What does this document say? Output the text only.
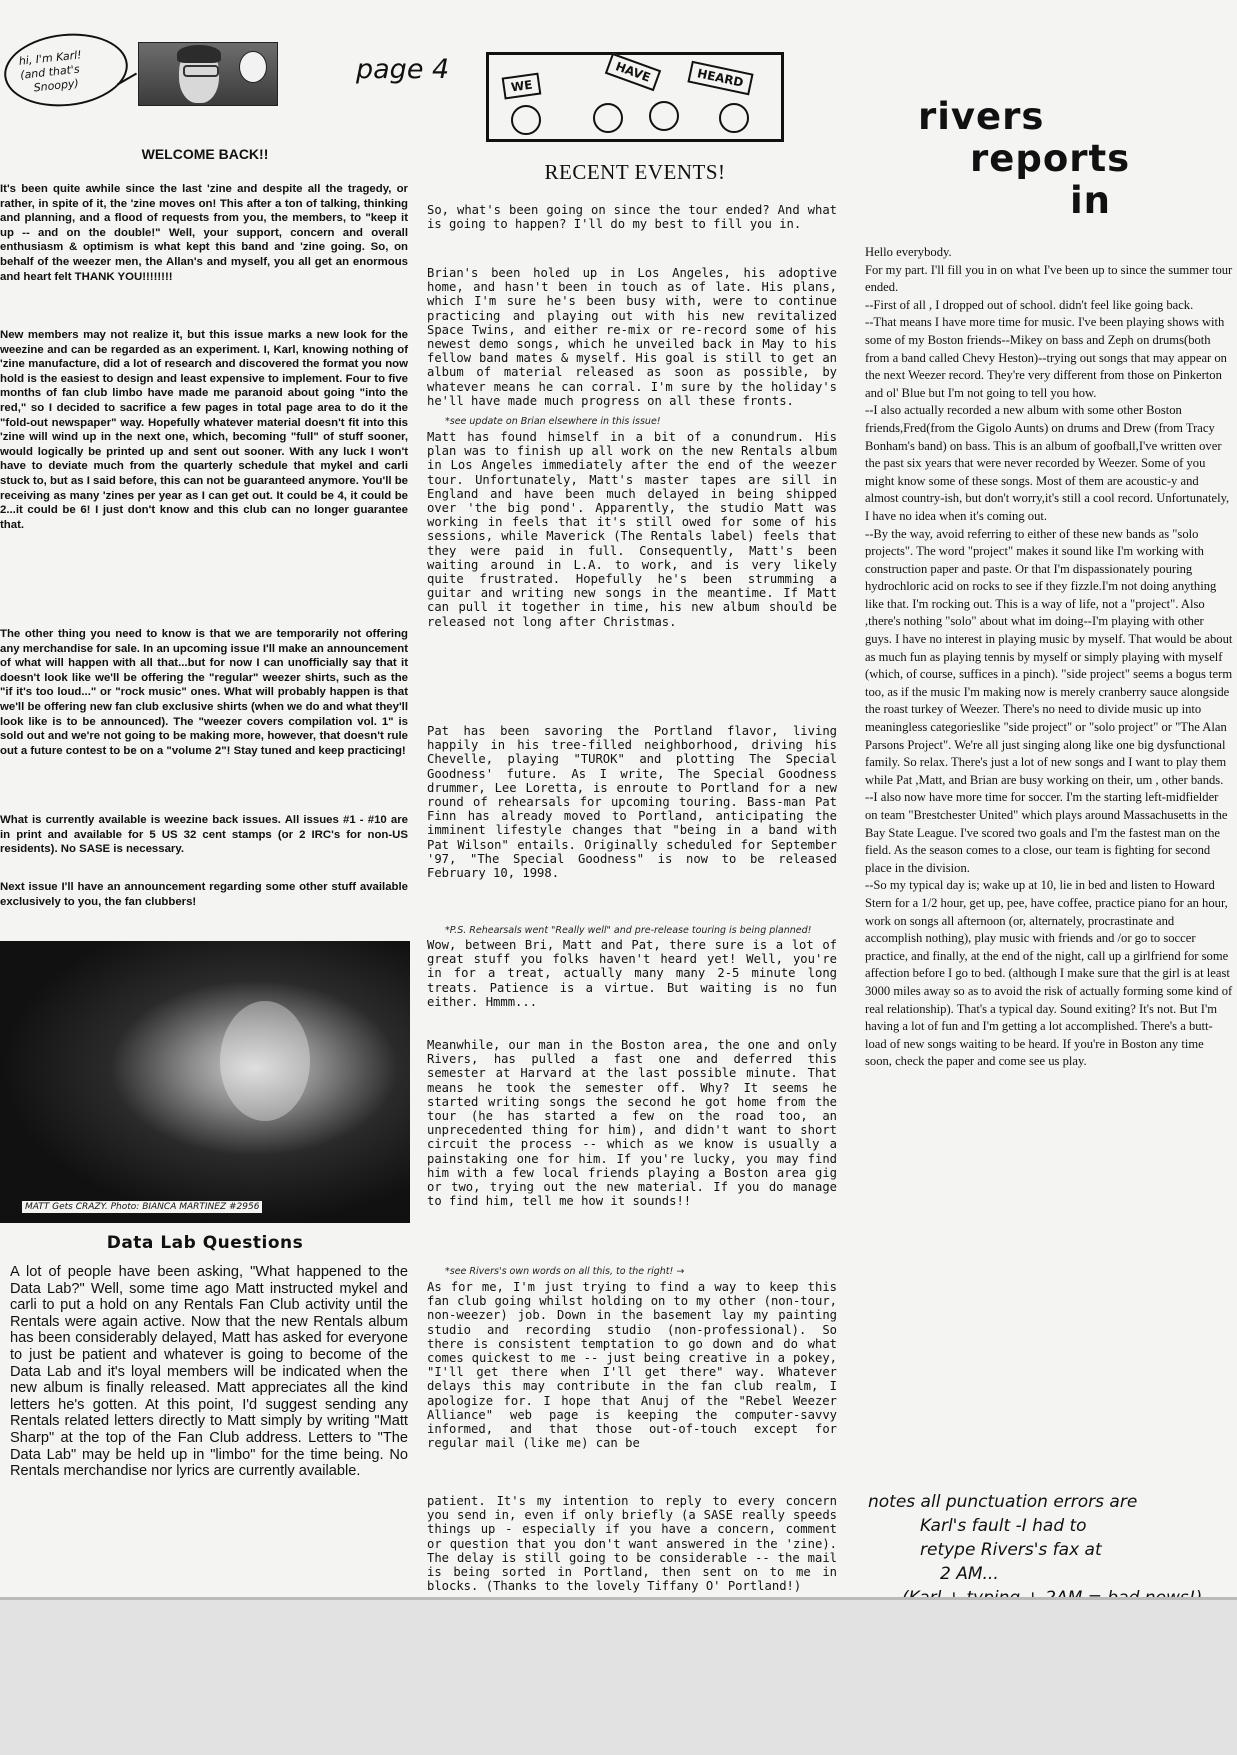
hi, I'm Karl!
(and that's
Snoopy)
page 4
WELCOME BACK!!

It's been quite awhile since the last 'zine and despite all the tragedy, or rather, in spite of it, the 'zine moves on! This after a ton of talking, thinking and planning, and a flood of requests from you, the members, to "keep it up -- and on the double!" Well, your support, concern and overall enthusiasm & optimism is what kept this band and 'zine going. So, on behalf of the weezer men, the Allan's and myself, you all get an enormous and heart felt THANK YOU!!!!!!!!

New members may not realize it, but this issue marks a new look for the weezine and can be regarded as an experiment. I, Karl, knowing nothing of 'zine manufacture, did a lot of research and discovered the format you now hold is the easiest to design and least expensive to implement. Four to five months of fan club limbo have made me paranoid about going "into the red," so I decided to sacrifice a few pages in total page area to do it the "fold-out newspaper" way. Hopefully whatever material doesn't fit into this 'zine will wind up in the next one, which, becoming "full" of stuff sooner, would logically be printed up and sent out sooner. With any luck I won't have to deviate much from the quarterly schedule that mykel and carli stuck to, but as I said before, this can not be guaranteed anymore. You'll be receiving as many 'zines per year as I can get out. It could be 4, it could be 2...it could be 6! I just don't know and this club can no longer guarantee that.

The other thing you need to know is that we are temporarily not offering any merchandise for sale. In an upcoming issue I'll make an announcement of what will happen with all that...but for now I can unofficially say that it doesn't look like we'll be offering the "regular" weezer shirts, such as the "if it's too loud..." or "rock music" ones. What will probably happen is that we'll be offering new fan club exclusive shirts (when we do and what they'll look like is to be announced). The "weezer covers compilation vol. 1" is sold out and we're not going to be making more, however, that doesn't rule out a future contest to be on a "volume 2"! Stay tuned and keep practicing!

What is currently available is weezine back issues. All issues #1 - #10 are in print and available for 5 US 32 cent stamps (or 2 IRC's for non-US residents). No SASE is necessary.

Next issue I'll have an announcement regarding some other stuff available exclusively to you, the fan clubbers!

MATT Gets CRAZY. Photo: BIANCA MARTINEZ #2956
Data Lab Questions

A lot of people have been asking, "What happened to the Data Lab?" Well, some time ago Matt instructed mykel and carli to put a hold on any Rentals Fan Club activity until the Rentals were again active. Now that the new Rentals album has been considerably delayed, Matt has asked for everyone to just be patient and whatever is going to become of the Data Lab and it's loyal members will be indicated when the new album is finally released. Matt appreciates all the kind letters he's gotten. At this point, I'd suggest sending any Rentals related letters directly to Matt simply by writing "Matt Sharp" at the top of the Fan Club address. Letters to "The Data Lab" may be held up in "limbo" for the time being. No Rentals merchandise nor lyrics are currently available.

WE
HAVE	HEARD
RECENT EVENTS!

So, what's been going on since the tour ended? And what is going to happen? I'll do my best to fill you in.

Brian's been holed up in Los Angeles, his adoptive home, and hasn't been in touch as of late. His plans, which I'm sure he's been busy with, were to continue practicing and playing out with his new revitalized Space Twins, and either re-mix or re-record some of his newest demo songs, which he unveiled back in May to his fellow band mates & myself. His goal is still to get an album of material released as soon as possible, by whatever means he can corral. I'm sure by the holiday's he'll have made much progress on all these fronts.

*see update on Brian elsewhere in this issue!

Matt has found himself in a bit of a conundrum. His plan was to finish up all work on the new Rentals album in Los Angeles immediately after the end of the weezer tour. Unfortunately, Matt's master tapes are sill in England and have been much delayed in being shipped over 'the big pond'. Apparently, the studio Matt was working in feels that it's still owed for some of his sessions, while Maverick (The Rentals label) feels that they were paid in full. Consequently, Matt's been waiting around in L.A. to work, and is very likely quite frustrated. Hopefully he's been strumming a guitar and writing new songs in the meantime. If Matt can pull it together in time, his new album should be released not long after Christmas.

Pat has been savoring the Portland flavor, living happily in his tree-filled neighborhood, driving his Chevelle, playing "TUROK" and plotting The Special Goodness' future. As I write, The Special Goodness drummer, Lee Loretta, is enroute to Portland for a new round of rehearsals for upcoming touring. Bass-man Pat Finn has already moved to Portland, anticipating the imminent lifestyle changes that "being in a band with Pat Wilson" entails. Originally scheduled for September '97, "The Special Goodness" is now to be released February 10, 1998.

*P.S. Rehearsals went "Really well" and pre-release touring is being planned!

Wow, between Bri, Matt and Pat, there sure is a lot of great stuff you folks haven't heard yet! Well, you're in for a treat, actually many many 2-5 minute long treats. Patience is a virtue. But waiting is no fun either. Hmmm...

Meanwhile, our man in the Boston area, the one and only Rivers, has pulled a fast one and deferred this semester at Harvard at the last possible minute. That means he took the semester off. Why? It seems he started writing songs the second he got home from the tour (he has started a few on the road too, an unprecedented thing for him), and didn't want to short circuit the process -- which as we know is usually a painstaking one for him. If you're lucky, you may find him with a few local friends playing a Boston area gig or two, trying out the new material. If you do manage to find him, tell me how it sounds!!

*see Rivers's own words on all this, to the right! →

As for me, I'm just trying to find a way to keep this fan club going whilst holding on to my other (non-tour, non-weezer) job. Down in the basement lay my painting studio and recording studio (non-professional). So there is consistent temptation to go down and do what comes quickest to me -- just being creative in a pokey, "I'll get there when I'll get there" way. Whatever delays this may contribute in the fan club realm, I apologize for. I hope that Anuj of the "Rebel Weezer Alliance" web page is keeping the computer-savvy informed, and that those out-of-touch except for regular mail (like me) can be

patient. It's my intention to reply to every concern you send in, even if only briefly (a SASE really speeds things up - especially if you have a concern, comment or question that you don't want answered in the 'zine). The delay is still going to be considerable -- the mail is being sorted in Portland, then sent on to me in blocks. (Thanks to the lovely Tiffany O' Portland!)

rivers
reports
in

Hello everybody.
For my part. I'll fill you in on what I've been up to since the summer tour ended.
--First of all , I dropped out of school. didn't feel like going back.
--That means I have more time for music. I've been playing shows with some of my Boston friends--Mikey on bass and Zeph on drums(both from a band called Chevy Heston)--trying out songs that may appear on the next Weezer record. They're very different from those on Pinkerton and ol' Blue but I'm not going to tell you how.
--I also actually recorded a new album with some other Boston friends,Fred(from the Gigolo Aunts) on drums and Drew (from Tracy Bonham's band) on bass. This is an album of goofball,I've written over the past six years that were never recorded by Weezer. Some of you might know some of these songs. Most of them are acoustic-y and almost country-ish, but don't worry,it's still a cool record. Unfortunately, I have no idea when it's coming out.
--By the way, avoid referring to either of these new bands as "solo projects". The word "project" makes it sound like I'm working with construction paper and paste. Or that I'm dispassionately pouring hydrochloric acid on rocks to see if they fizzle.I'm not doing anything like that. I'm rocking out. This is a way of life, not a "project". Also ,there's nothing "solo" about what im doing--I'm playing with other guys. I have no interest in playing music by myself. That would be about as much fun as playing tennis by myself or simply playing with myself (which, of course, suffices in a pinch). "side project" seems a bogus term too, as if the music I'm making now is merely cranberry sauce alongside the roast turkey of Weezer. There's no need to divide music up into meaningless categorieslike "side project" or "solo project" or "The Alan Parsons Project". We're all just singing along like one big dysfunctional family. So relax. There's just a lot of new songs and I want to play them while Pat ,Matt, and Brian are busy working on their, um , other bands.
--I also now have more time for soccer. I'm the starting left-midfielder on team "Brestchester United" which plays around Massachusetts in the Bay State League. I've scored two goals and I'm the fastest man on the field. As the season comes to a close, our team is fighting for second place in the division.
--So my typical day is; wake up at 10, lie in bed and listen to Howard Stern for a 1/2 hour, get up, pee, have coffee, practice piano for an hour, work on songs all afternoon (or, alternately, procrastinate and accomplish nothing), play music with friends and /or go to soccer practice, and finally, at the end of the night, call up a girlfriend for some affection before I go to bed. (although I make sure that the girl is at least 3000 miles away so as to avoid the risk of actually forming some kind of real relationship). That's a typical day. Sound exiting? It's not. But I'm having a lot of fun and I'm getting a lot accomplished. There's a butt-load of new songs waiting to be heard. If you're in Boston any time soon, check the paper and come see us play.

notes all punctuation errors are
Karl's fault -I had to
retype Rivers's fax at
2 AM...
